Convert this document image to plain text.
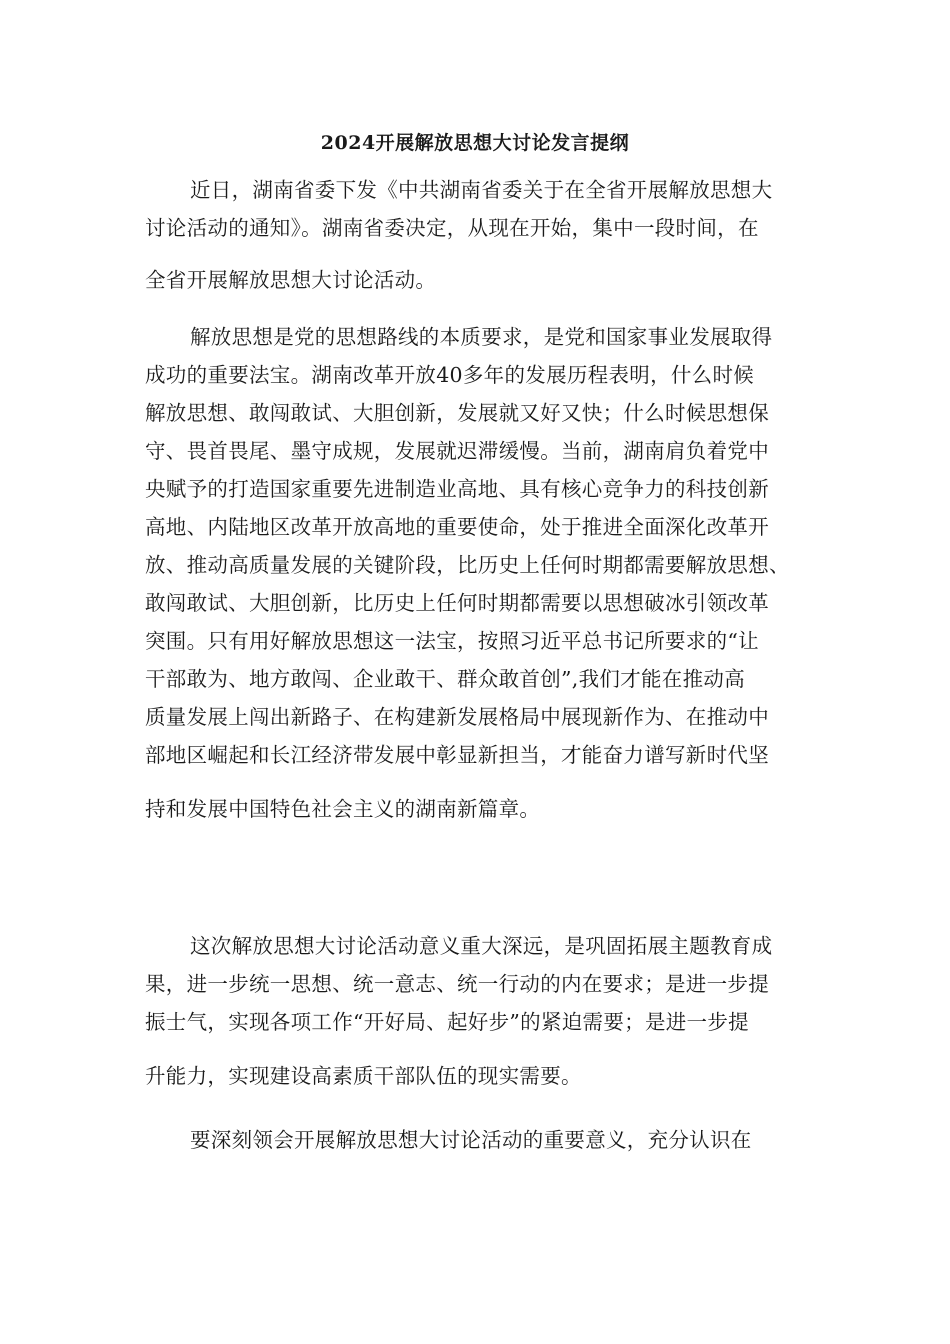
2024开展解放思想大讨论发言提纲
近日，湖南省委下发《中共湖南省委关于在全省开展解放思想大
讨论活动的通知》。湖南省委决定，从现在开始，集中一段时间，在
全省开展解放思想大讨论活动。
解放思想是党的思想路线的本质要求，是党和国家事业发展取得
成功的重要法宝。湖南改革开放40多年的发展历程表明，什么时候
解放思想、敢闯敢试、大胆创新，发展就又好又快；什么时候思想保
守、畏首畏尾、墨守成规，发展就迟滞缓慢。当前，湖南肩负着党中
央赋予的打造国家重要先进制造业高地、具有核心竞争力的科技创新
高地、内陆地区改革开放高地的重要使命，处于推进全面深化改革开
放、推动高质量发展的关键阶段，比历史上任何时期都需要解放思想、
敢闯敢试、大胆创新，比历史上任何时期都需要以思想破冰引领改革
突围。只有用好解放思想这一法宝，按照习近平总书记所要求的“让
干部敢为、地方敢闯、企业敢干、群众敢首创”,我们才能在推动高
质量发展上闯出新路子、在构建新发展格局中展现新作为、在推动中
部地区崛起和长江经济带发展中彰显新担当，才能奋力谱写新时代坚
持和发展中国特色社会主义的湖南新篇章。
这次解放思想大讨论活动意义重大深远，是巩固拓展主题教育成
果，进一步统一思想、统一意志、统一行动的内在要求；是进一步提
振士气，实现各项工作“开好局、起好步”的紧迫需要；是进一步提
升能力，实现建设高素质干部队伍的现实需要。
要深刻领会开展解放思想大讨论活动的重要意义，充分认识在
